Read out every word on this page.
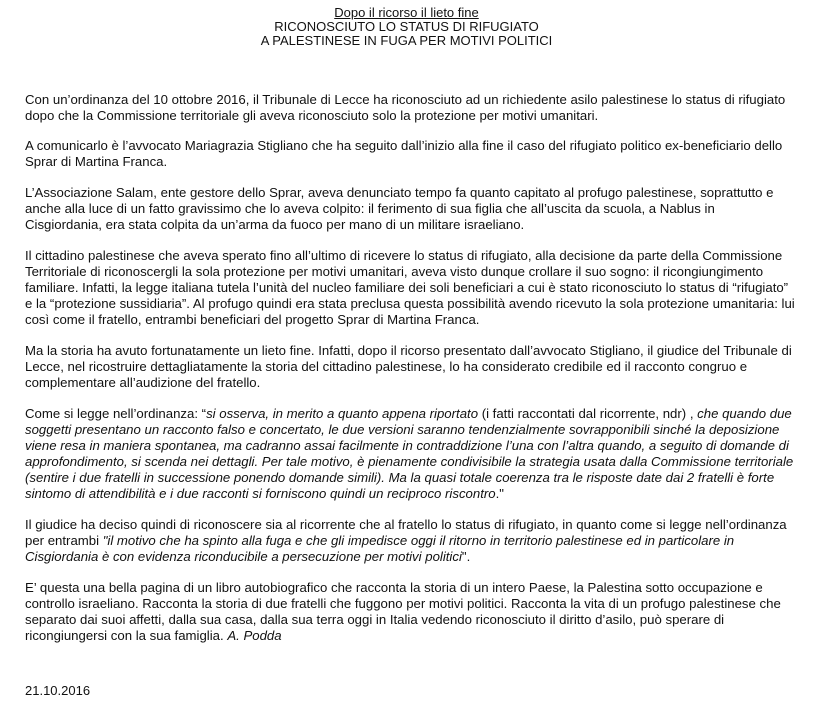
Dopo il ricorso il lieto fine
RICONOSCIUTO LO STATUS DI RIFUGIATO
A PALESTINESE IN FUGA PER MOTIVI POLITICI

Con un’ordinanza del 10 ottobre 2016, il Tribunale di Lecce ha riconosciuto ad un richiedente asilo palestinese lo status di rifugiato dopo che la Commissione territoriale gli aveva riconosciuto solo la protezione per motivi umanitari.

A comunicarlo è l’avvocato Mariagrazia Stigliano che ha seguito dall’inizio alla fine il caso del rifugiato politico ex-beneficiario dello Sprar di Martina Franca.

L’Associazione Salam, ente gestore dello Sprar, aveva denunciato tempo fa quanto capitato al profugo palestinese, soprattutto e anche alla luce di un fatto gravissimo che lo aveva colpito: il ferimento di sua figlia che all’uscita da scuola, a Nablus in Cisgiordania, era stata colpita da un’arma da fuoco per mano di un militare israeliano.

Il cittadino palestinese che aveva sperato fino all’ultimo di ricevere lo status di rifugiato, alla decisione da parte della Commissione Territoriale di riconoscergli la sola protezione per motivi umanitari, aveva visto dunque crollare il suo sogno: il ricongiungimento familiare. Infatti, la legge italiana tutela l’unità del nucleo familiare dei soli beneficiari a cui è stato riconosciuto lo status di “rifugiato” e la “protezione sussidiaria”. Al profugo quindi era stata preclusa questa possibilità avendo ricevuto la sola protezione umanitaria: lui così come il fratello, entrambi beneficiari del progetto Sprar di Martina Franca.

Ma la storia ha avuto fortunatamente un lieto fine. Infatti, dopo il ricorso presentato dall’avvocato Stigliano, il giudice del Tribunale di Lecce, nel ricostruire dettagliatamente la storia del cittadino palestinese, lo ha considerato credibile ed il racconto congruo e complementare all’audizione del fratello.

Come si legge nell’ordinanza: “si osserva, in merito a quanto appena riportato (i fatti raccontati dal ricorrente, ndr) , che quando due soggetti presentano un racconto falso e concertato, le due versioni saranno tendenzialmente sovrapponibili sinché la deposizione viene resa in maniera spontanea, ma cadranno assai facilmente in contraddizione l’una con l’altra quando, a seguito di domande di approfondimento, si scenda nei dettagli. Per tale motivo, è pienamente condivisibile la strategia usata dalla Commissione territoriale (sentire i due fratelli in successione ponendo domande simili). Ma la quasi totale coerenza tra le risposte date dai 2 fratelli è forte sintomo di attendibilità e i due racconti si forniscono quindi un reciproco riscontro."

Il giudice ha deciso quindi di riconoscere sia al ricorrente che al fratello lo status di rifugiato, in quanto come si legge nell’ordinanza per entrambi "il motivo che ha spinto alla fuga e che gli impedisce oggi il ritorno in territorio palestinese ed in particolare in Cisgiordania è con evidenza riconducibile a persecuzione per motivi politici".

E’ questa una bella pagina di un libro autobiografico che racconta la storia di un intero Paese, la Palestina sotto occupazione e controllo israeliano. Racconta la storia di due fratelli che fuggono per motivi politici. Racconta la vita di un profugo palestinese che separato dai suoi affetti, dalla sua casa, dalla sua terra oggi in Italia vedendo riconosciuto il diritto d’asilo, può sperare di ricongiungersi con la sua famiglia. A. Podda

21.10.2016
